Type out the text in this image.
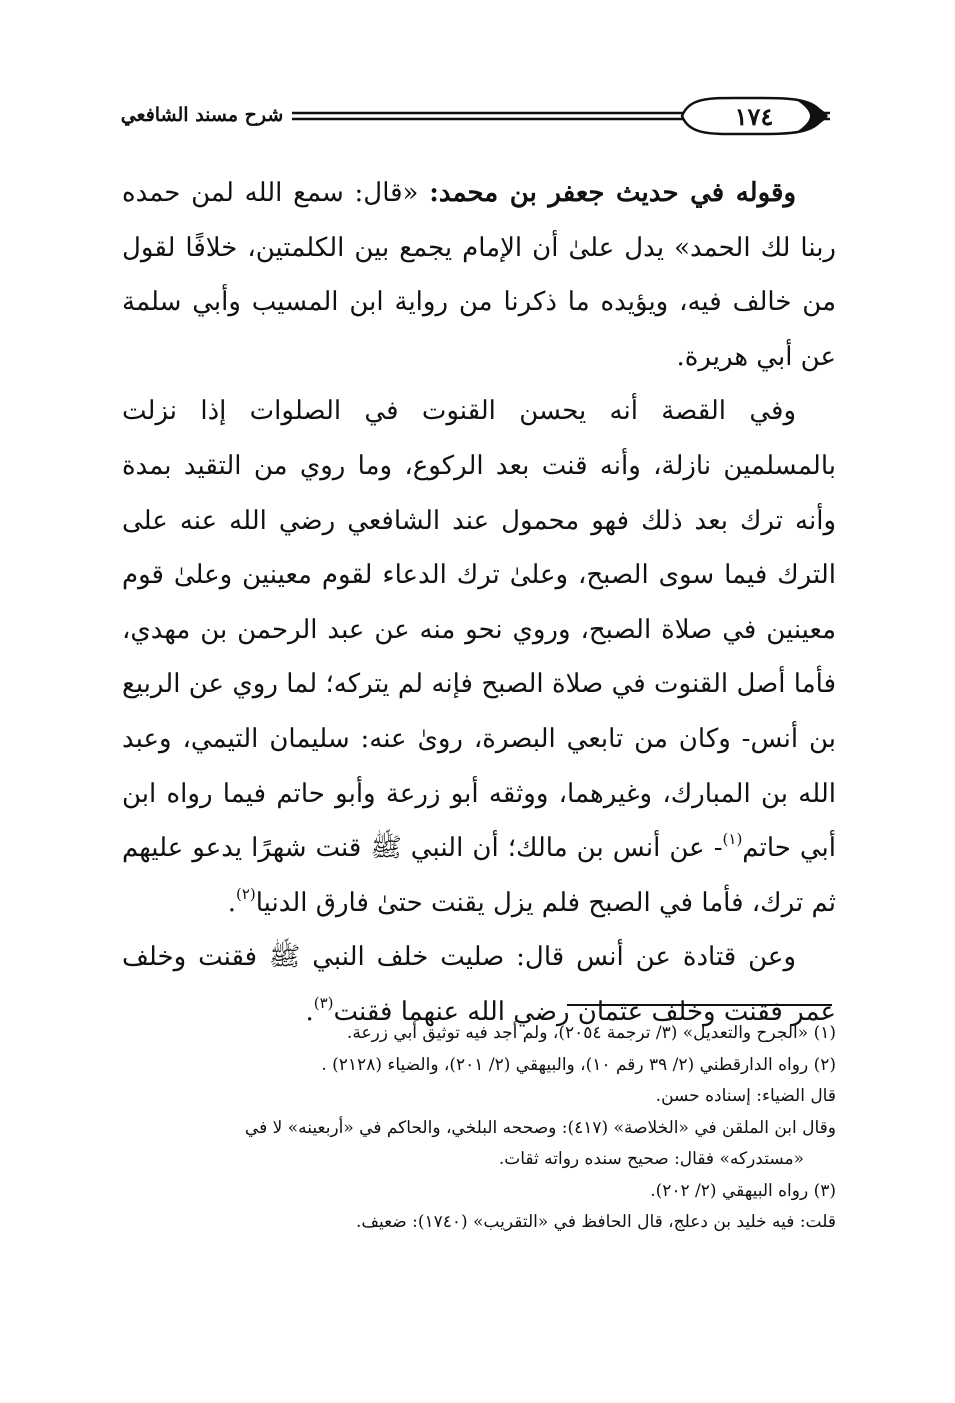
١٧٤
شرح مسند الشافعي

وقوله في حديث جعفر بن محمد: «قال: سمع الله لمن حمده ربنا لك الحمد» يدل علىٰ أن الإمام يجمع بين الكلمتين، خلافًا لقول من خالف فيه، ويؤيده ما ذكرنا من رواية ابن المسيب وأبي سلمة عن أبي هريرة.

وفي القصة أنه يحسن القنوت في الصلوات إذا نزلت بالمسلمين نازلة، وأنه قنت بعد الركوع، وما روي من التقيد بمدة وأنه ترك بعد ذلك فهو محمول عند الشافعي رضي الله عنه على الترك فيما سوى الصبح، وعلىٰ ترك الدعاء لقوم معينين وعلىٰ قوم معينين في صلاة الصبح، وروي نحو منه عن عبد الرحمن بن مهدي، فأما أصل القنوت في صلاة الصبح فإنه لم يتركه؛ لما روي عن الربيع بن أنس- وكان من تابعي البصرة، روىٰ عنه: سليمان التيمي، وعبد الله بن المبارك، وغيرهما، ووثقه أبو زرعة وأبو حاتم فيما رواه ابن أبي حاتم$^{(١)}$- عن أنس بن مالك؛ أن النبي ﷺ قنت شهرًا يدعو عليهم ثم ترك، فأما في الصبح فلم يزل يقنت حتىٰ فارق الدنيا$^{(٢)}$.

وعن قتادة عن أنس قال: صليت خلف النبي ﷺ فقنت وخلف عمر فقنت وخلف عثمان رضي الله عنهما فقنت$^{(٣)}$.

(١) «الجرح والتعديل» (٣/ ترجمة ٢٠٥٤)، ولم أجد فيه توثيق أبي زرعة.
(٢) رواه الدارقطني (٢/ ٣٩ رقم ١٠)، والبيهقي (٢/ ٢٠١)، والضياء (٢١٢٨) .
قال الضياء: إسناده حسن.
وقال ابن الملقن في «الخلاصة» (٤١٧): وصححه البلخي، والحاكم في «أربعينه» لا في
«مستدركه» فقال: صحيح سنده رواته ثقات.
(٣) رواه البيهقي (٢/ ٢٠٢).
قلت: فيه خليد بن دعلج، قال الحافظ في «التقريب» (١٧٤٠): ضعيف.
